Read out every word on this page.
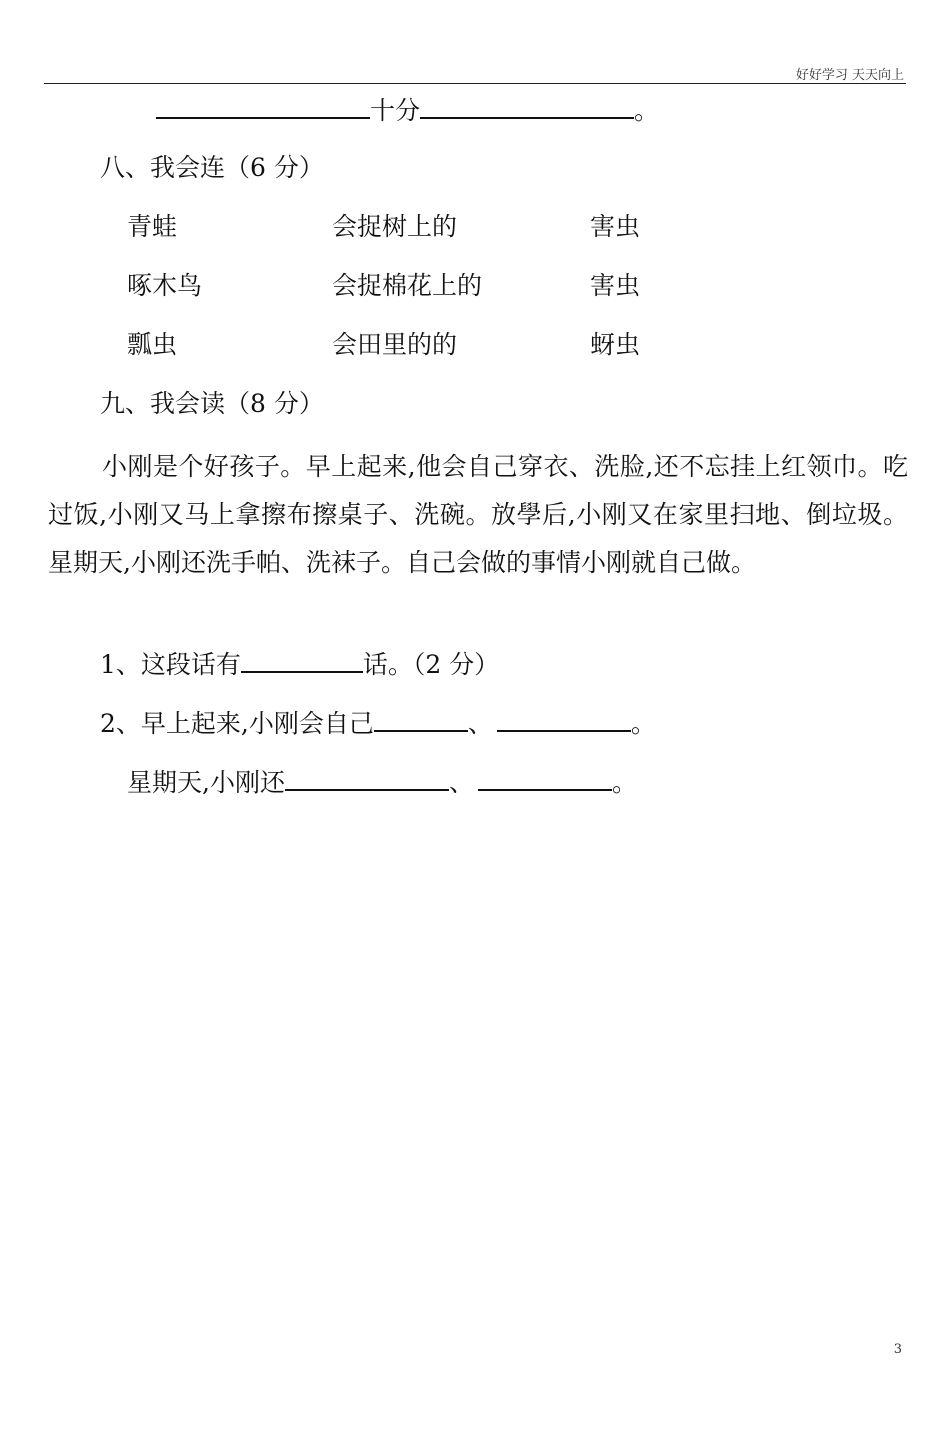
好好学习 天天向上
十分	。
八、我会连（6 分）
青蛙	会捉树上的	害虫
啄木鸟	会捉棉花上的	害虫
瓢虫	会田里的的	蚜虫
九、我会读（8 分）

小刚是个好孩子。早上起来,他会自己穿衣、洗脸,还不忘挂上红领巾。吃过饭,小刚又马上拿擦布擦桌子、洗碗。放學后,小刚又在家里扫地、倒垃圾。星期天,小刚还洗手帕、洗袜子。自己会做的事情小刚就自己做。

1、这段话有	话。（2 分）
2、早上起来,小刚会自己	、	。
星期天,小刚还	、	。
3
